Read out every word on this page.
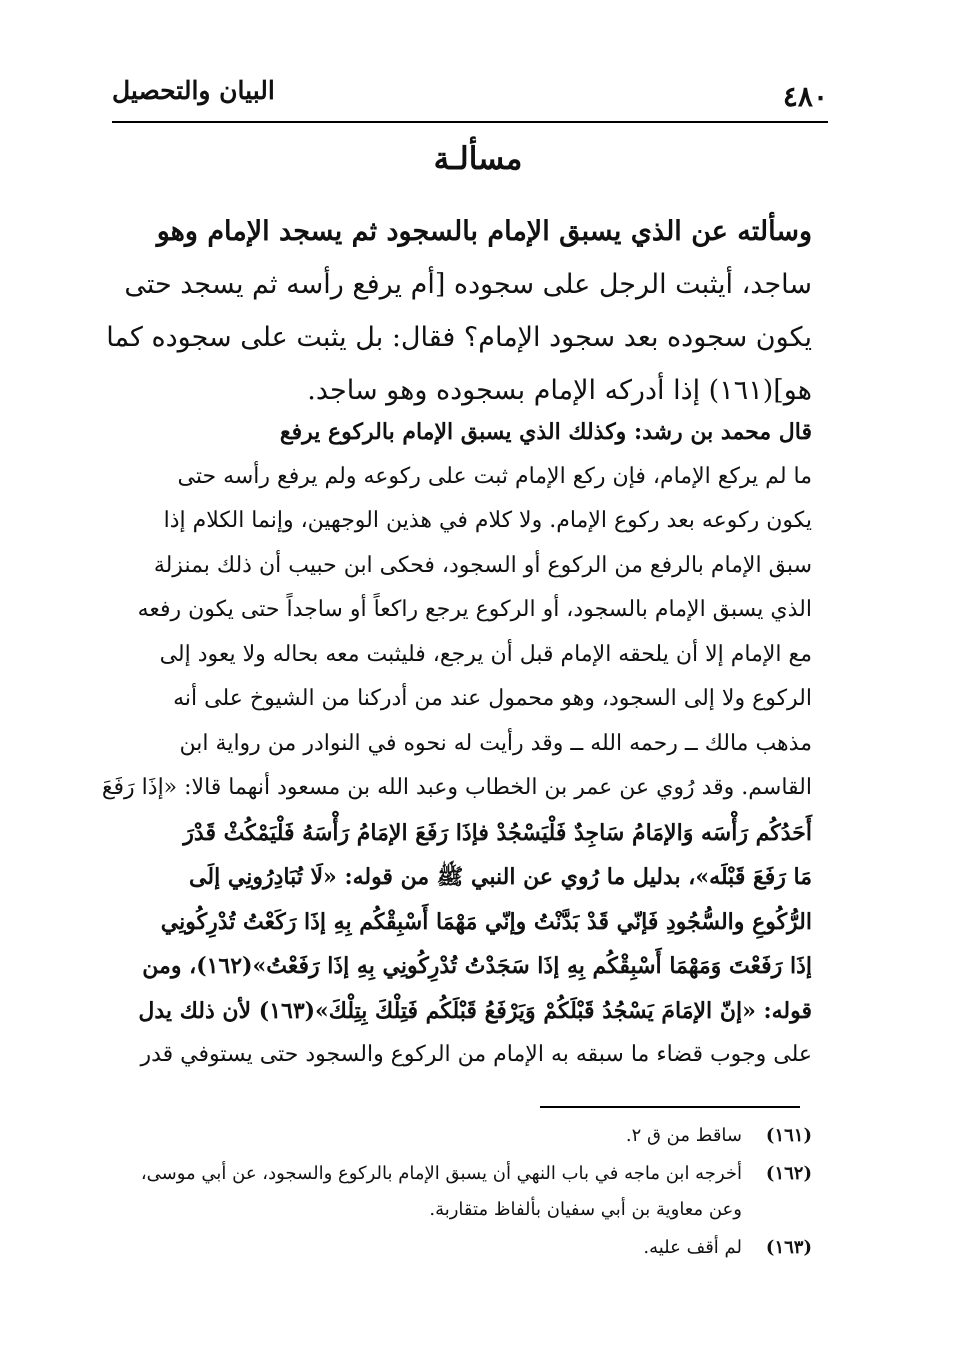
البيان والتحصيل	٤٨٠
مسألـة
وسألته عن الذي يسبق الإمام بالسجود ثم يسجد الإمام وهو
ساجد، أيثبت الرجل على سجوده [أم يرفع رأسه ثم يسجد حتى
يكون سجوده بعد سجود الإمام؟ فقال: بل يثبت على سجوده كما
هو](١٦١) إذا أدركه الإمام بسجوده وهو ساجد.
قال محمد بن رشد: وكذلك الذي يسبق الإمام بالركوع يرفع
ما لم يركع الإمام، فإن ركع الإمام ثبت على ركوعه ولم يرفع رأسه حتى
يكون ركوعه بعد ركوع الإمام. ولا كلام في هذين الوجهين، وإنما الكلام إذا
سبق الإمام بالرفع من الركوع أو السجود، فحكى ابن حبيب أن ذلك بمنزلة
الذي يسبق الإمام بالسجود، أو الركوع يرجع راكعاً أو ساجداً حتى يكون رفعه
مع الإمام إلا أن يلحقه الإمام قبل أن يرجع، فليثبت معه بحاله ولا يعود إلى
الركوع ولا إلى السجود، وهو محمول عند من أدركنا من الشيوخ على أنه
مذهب مالك ــ رحمه الله ــ وقد رأيت له نحوه في النوادر من رواية ابن
القاسم. وقد رُوي عن عمر بن الخطاب وعبد الله بن مسعود أنهما قالا: «إذَا رَفَعَ
أَحَدُكُم رَأْسَه وَالإمَامُ سَاجِدٌ فَلْيَسْجُدْ فإذَا رَفَعَ الإمَامُ رَأْسَهُ فَلْيَمْكُثْ قَدْرَ
مَا رَفَعَ قَبْلَه»، بدليل ما رُوي عن النبي ﷺ من قوله: «لَا تُبَادِرُونِي إلَى
الرُّكُوعِ والسُّجُودِ فَإنّي قَدْ بَدَّنْتُ وإنّي مَهْمَا أَسْبِقْكُم بِهِ إذَا رَكَعْتُ تُدْرِكُونِي
إذَا رَفَعْتَ وَمَهْمَا أَسْبِقْكُم بِهِ إذَا سَجَدْتُ تُدْرِكُونِي بِهِ إذَا رَفَعْتُ»(١٦٢)، ومن
قوله: «إنّ الإمَامَ يَسْجُدُ قَبْلَكُمْ وَيَرْفَعُ قَبْلَكُم فَتِلْكَ بِتِلْكَ»(١٦٣) لأن ذلك يدل
على وجوب قضاء ما سبقه به الإمام من الركوع والسجود حتى يستوفي قدر
(١٦١)
ساقط من ق ٢.
(١٦٢)
أخرجه ابن ماجه في باب النهي أن يسبق الإمام بالركوع والسجود، عن أبي موسى، وعن معاوية بن أبي سفيان بألفاظ متقاربة.
(١٦٣)
لم أقف عليه.
